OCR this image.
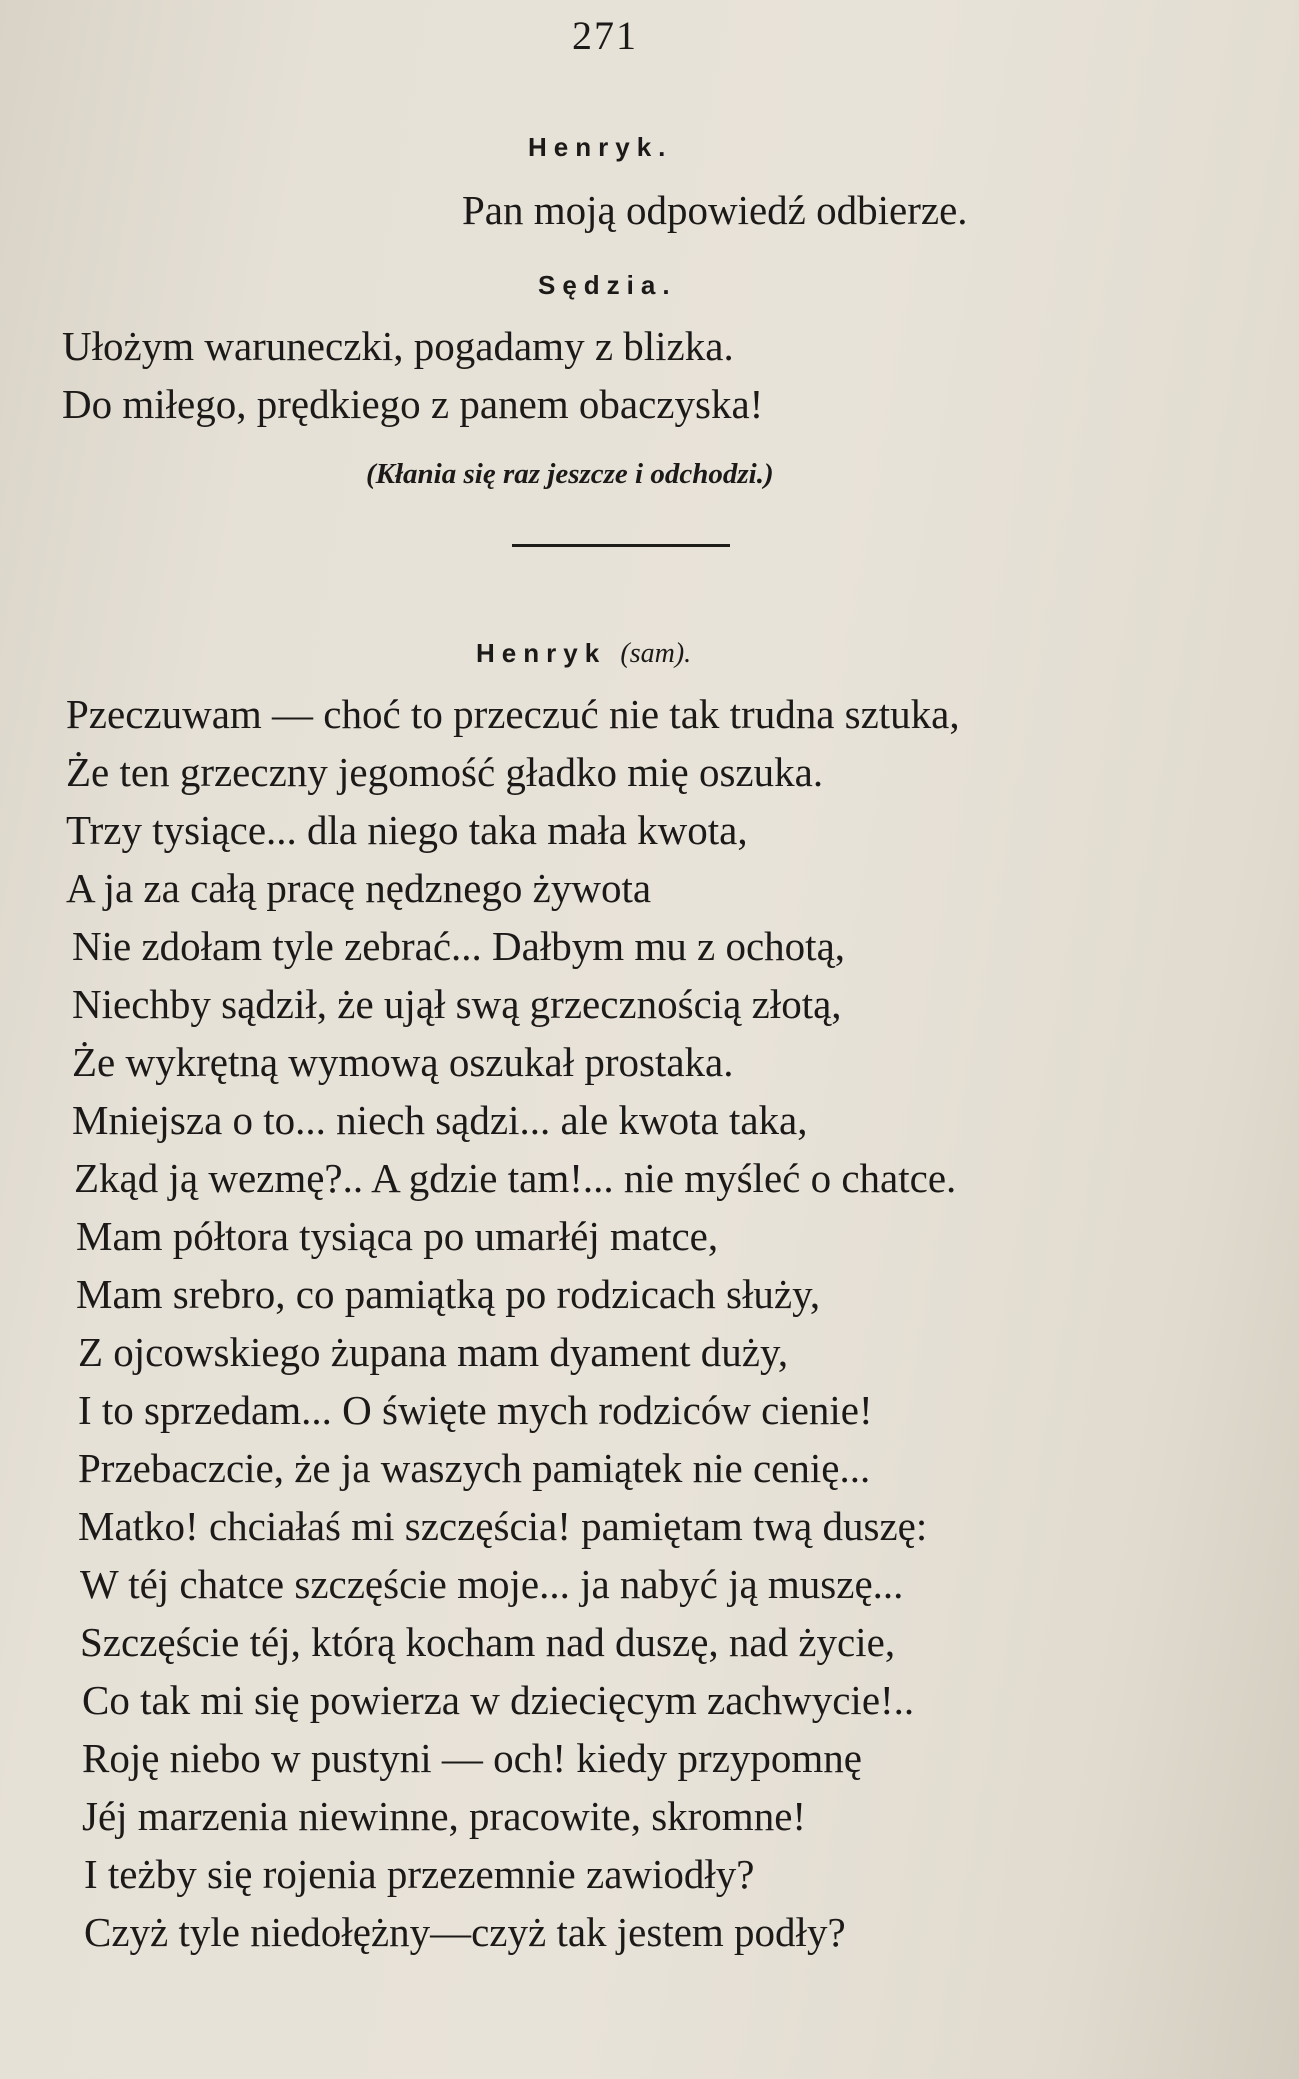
271
Henryk.
Pan moją odpowiedź odbierze.
Sędzia.
Ułożym waruneczki, pogadamy z blizka.
Do miłego, prędkiego z panem obaczyska!
(Kłania się raz jeszcze i odchodzi.)
Henryk (sam).
Pzeczuwam — choć to przeczuć nie tak trudna sztuka,
Że ten grzeczny jegomość gładko mię oszuka.
Trzy tysiące... dla niego taka mała kwota,
A ja za całą pracę nędznego żywota
Nie zdołam tyle zebrać... Dałbym mu z ochotą,
Niechby sądził, że ujął swą grzecznością złotą,
Że wykrętną wymową oszukał prostaka.
Mniejsza o to... niech sądzi... ale kwota taka,
Zkąd ją wezmę?.. A gdzie tam!... nie myśleć o chatce.
Mam półtora tysiąca po umarłéj matce,
Mam srebro, co pamiątką po rodzicach służy,
Z ojcowskiego żupana mam dyament duży,
I to sprzedam... O święte mych rodziców cienie!
Przebaczcie, że ja waszych pamiątek nie cenię...
Matko! chciałaś mi szczęścia! pamiętam twą duszę:
W téj chatce szczęście moje... ja nabyć ją muszę...
Szczęście téj, którą kocham nad duszę, nad życie,
Co tak mi się powierza w dziecięcym zachwycie!..
Roję niebo w pustyni — och! kiedy przypomnę
Jéj marzenia niewinne, pracowite, skromne!
I teżby się rojenia przezemnie zawiodły?
Czyż tyle niedołężny—czyż tak jestem podły?
